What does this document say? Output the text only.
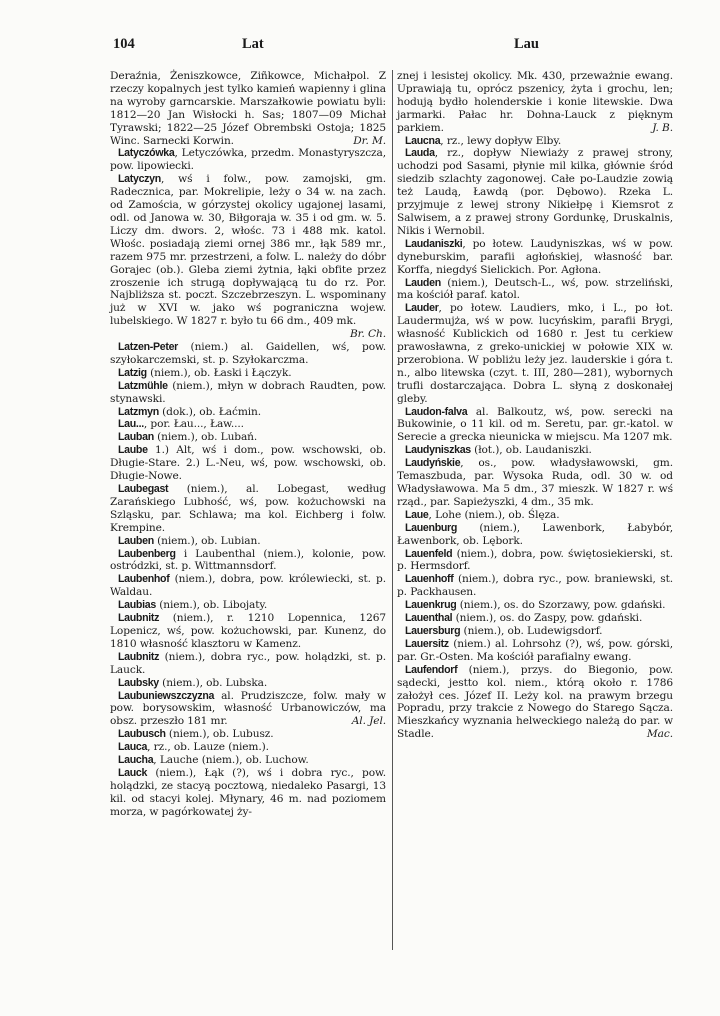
104	Lat	Lau

Deraźnia, Żeniszkowce, Ziñkowce, Michałpol. Z rzeczy kopalnych jest tylko kamień wapienny i glina na wyroby garncarskie. Marszałkowie powiatu byli: 1812—20 Jan Wisłocki h. Sas; 1807—09 Michał Tyrawski; 1822—25 Józef Obrembski Ostoja; 1825 Winc. Sarnecki Korwin.	Dr. M.

Latyczówka, Letyczówka, przedm. Monastyryszcza, pow. lipowiecki.

Latyczyn, wś i folw., pow. zamojski, gm. Radecznica, par. Mokrelipie, leży o 34 w. na zach. od Zamościa, w górzystej okolicy ugajonej lasami, odl. od Janowa w. 30, Biłgoraja w. 35 i od gm. w. 5. Liczy dm. dwors. 2, włośc. 73 i 488 mk. katol. Włośc. posiadają ziemi ornej 386 mr., łąk 589 mr., razem 975 mr. przestrzeni, a folw. L. należy do dóbr Gorajec (ob.). Gleba ziemi żytnia, łąki obfite przez zroszenie ich strugą dopływającą tu do rz. Por. Najbliższa st. poczt. Szczebrzeszyn. L. wspominany już w XVI w. jako wś pograniczna wojew. lubelskiego. W 1827 r. było tu 66 dm., 409 mk.
Br. Ch.

Latzen-Peter (niem.) al. Gaidellen, wś, pow. szyłokarczemski, st. p. Szyłokarczma.

Latzig (niem.), ob. Łaski i Łączyk.

Latzmühle (niem.), młyn w dobrach Raudten, pow. stynawski.

Latzmyn (dok.), ob. Łaćmin.

Lau..., por. Łau..., Ław....

Lauban (niem.), ob. Lubań.

Laube 1.) Alt, wś i dom., pow. wschowski, ob. Długie-Stare. 2.) L.-Neu, wś, pow. wschowski, ob. Długie-Nowe.

Laubegast (niem.), al. Lobegast, według Zarańskiego Lubhość, wś, pow. kożuchowski na Szląsku, par. Schlawa; ma kol. Eichberg i folw. Krempine.

Lauben (niem.), ob. Lubian.

Laubenberg i Laubenthal (niem.), kolonie, pow. ostródzki, st. p. Wittmannsdorf.

Laubenhof (niem.), dobra, pow. królewiecki, st. p. Waldau.

Laubias (niem.), ob. Libojaty.

Laubnitz (niem.), r. 1210 Lopennica, 1267 Lopenicz, wś, pow. kożuchowski, par. Kunenz, do 1810 własność klasztoru w Kamenz.

Laubnitz (niem.), dobra ryc., pow. holądzki, st. p. Lauck.

Laubsky (niem.), ob. Lubska.

Laubuniewszczyzna al. Prudziszcze, folw. mały w pow. borysowskim, własność Urbanowiczów, ma obsz. przeszło 181 mr.	Al. Jel.

Laubusch (niem.), ob. Lubusz.

Lauca, rz., ob. Lauze (niem.).

Laucha, Lauche (niem.), ob. Luchow.

Lauck (niem.), Łąk (?), wś i dobra ryc., pow. holądzki, ze stacyą pocztową, niedaleko Pasargi, 13 kil. od stacyi kolej. Młynary, 46 m. nad poziomem morza, w pagórkowatej ży-

znej i lesistej okolicy. Mk. 430, przeważnie ewang. Uprawiają tu, oprócz pszenicy, żyta i grochu, len; hodują bydło holenderskie i konie litewskie. Dwa jarmarki. Pałac hr. Dohna-Lauck z pięknym parkiem.	J. B.

Laucna, rz., lewy dopływ Elby.

Lauda, rz., dopływ Niewiaży z prawej strony, uchodzi pod Sasami, płynie mil kilka, głównie śród siedzib szlachty zagonowej. Całe po-Laudzie zowią też Laudą, Ławdą (por. Dębowo). Rzeka L. przyjmuje z lewej strony Nikiełpę i Kiemsrot z Salwisem, a z prawej strony Gordunkę, Druskalnis, Nikis i Wernobil.

Laudaniszki, po łotew. Laudyniszkas, wś w pow. dyneburskim, parafii agłońskiej, własność bar. Korffa, niegdyś Sielickich. Por. Agłona.

Lauden (niem.), Deutsch-L., wś, pow. strzeliński, ma kościół paraf. katol.

Lauder, po łotew. Laudiers, mko, i L., po łot. Laudermujża, wś w pow. lucyńskim, parafii Brygi, własność Kublickich od 1680 r. Jest tu cerkiew prawosławna, z greko-unickiej w połowie XIX w. przerobiona. W pobliżu leży jez. lauderskie i góra t. n., albo litewska (czyt. t. III, 280—281), wybornych trufli dostarczająca. Dobra L. słyną z doskonałej gleby.

Laudon-falva al. Balkoutz, wś, pow. serecki na Bukowinie, o 11 kil. od m. Seretu, par. gr.-katol. w Serecie a grecka nieunicka w miejscu. Ma 1207 mk.

Laudyniszkas (łot.), ob. Laudaniszki.

Laudyńskie, os., pow. władysławowski, gm. Temaszbuda, par. Wysoka Ruda, odl. 30 w. od Władysławowa. Ma 5 dm., 37 mieszk. W 1827 r. wś rząd., par. Sapieżyszki, 4 dm., 35 mk.

Laue, Lohe (niem.), ob. Ślęza.

Lauenburg (niem.), Lawenbork, Łabybór, Ławenbork, ob. Lębork.

Lauenfeld (niem.), dobra, pow. świętosiekierski, st. p. Hermsdorf.

Lauenhoff (niem.), dobra ryc., pow. braniewski, st. p. Packhausen.

Lauenkrug (niem.), os. do Szorzawy, pow. gdański.

Lauenthal (niem.), os. do Zaspy, pow. gdański.

Lauersburg (niem.), ob. Ludewigsdorf.

Lauersitz (niem.) al. Lohrsohz (?), wś, pow. górski, par. Gr.-Osten. Ma kościół parafialny ewang.

Laufendorf (niem.), przys. do Biegonio, pow. sądecki, jestto kol. niem., którą około r. 1786 założył ces. Józef II. Leży kol. na prawym brzegu Popradu, przy trakcie z Nowego do Starego Sącza. Mieszkańcy wyznania helweckiego należą do par. w Stadle.	Mac.
